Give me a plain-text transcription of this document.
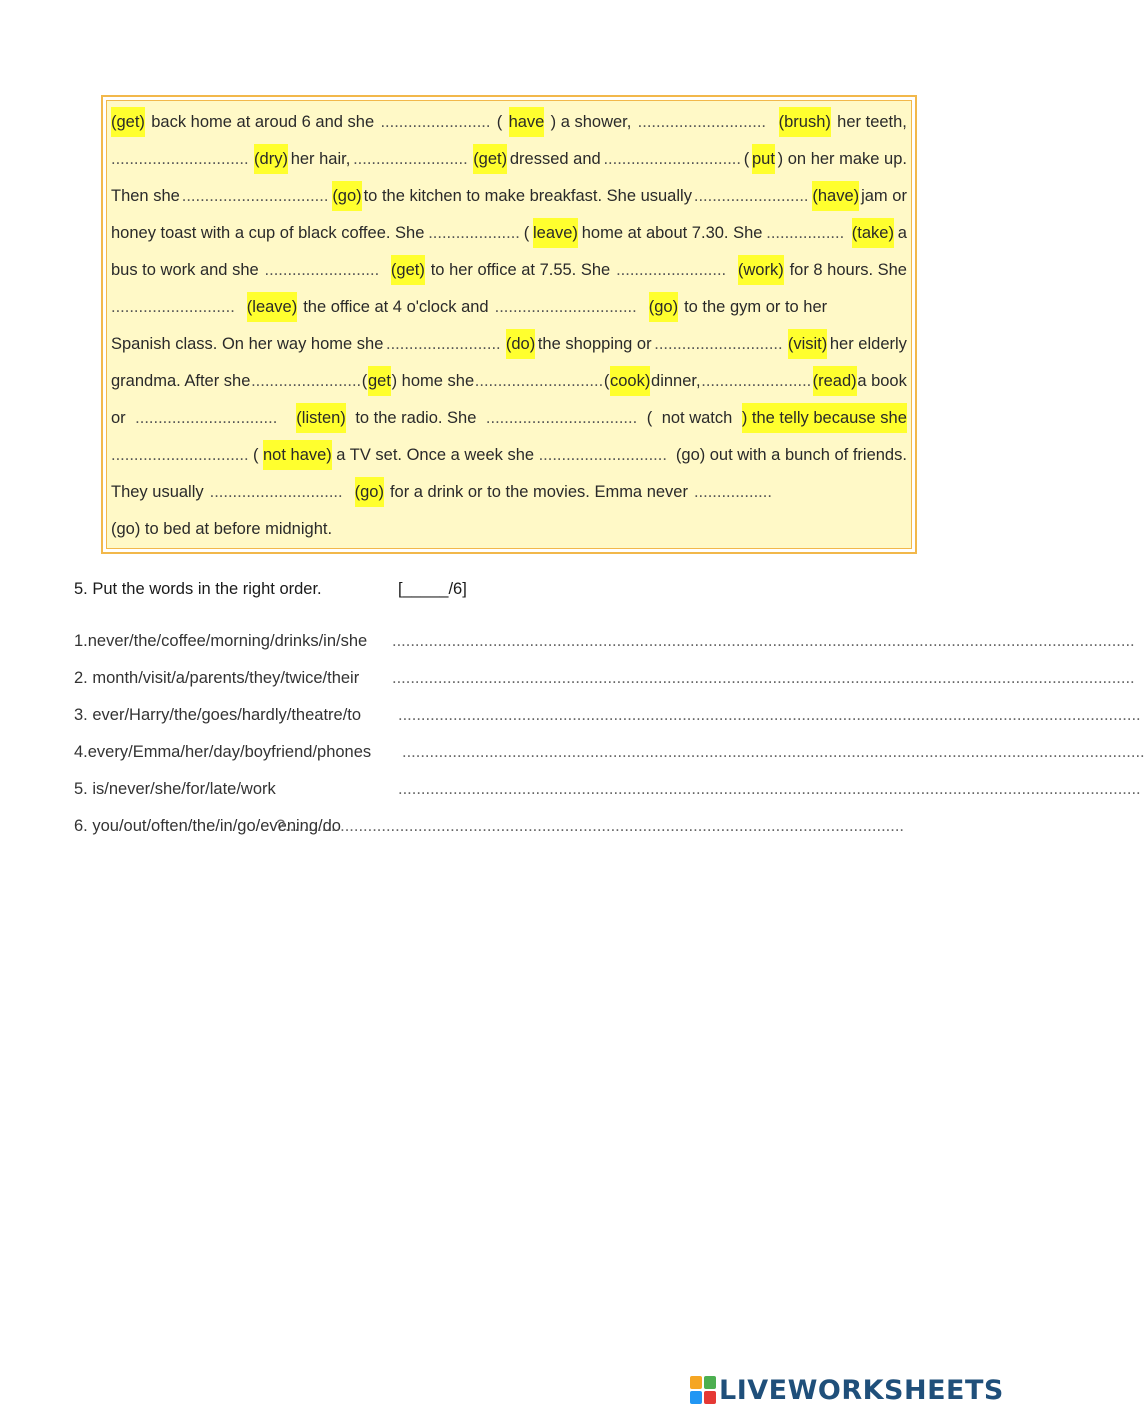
(get) back home at aroud 6 and she ........................ ( have ) a shower, ............................ (brush) her teeth,
.............................. (dry) her hair, ......................... (get) dressed and .............................. ( put ) on her make up.
Then she ................................ (go) to the kitchen to make breakfast. She usually ......................... (have) jam or
honey toast with a cup of black coffee. She .................... ( leave) home at about 7.30. She ................. (take) a
bus to work and she ......................... (get) to her office at 7.55. She ........................ (work) for 8 hours. She
........................... (leave) the office at 4 o'clock and ............................... (go) to the gym or to her
Spanish class. On her way home she ......................... (do) the shopping or ............................ (visit) her elderly
grandma. After she ........................ ( get ) home she ............................ ( cook) dinner, ........................ (read) a book
or ............................... (listen) to the radio. She ................................. ( not watch ) the telly because she
.............................. ( not have) a TV set. Once a week she ............................ (go) out with a bunch of friends.
They usually ............................. (go) for a drink or to the movies. Emma never .................
(go) to bed at before midnight.
5. Put the words in the right order.	[_____/6]
1.never/the/coffee/morning/drinks/in/she ..................................................................................................................................................................
2. month/visit/a/parents/they/twice/their ..................................................................................................................................................................
3. ever/Harry/the/goes/hardly/theatre/to ..................................................................................................................................................................
4.every/Emma/her/day/boyfriend/phones ..................................................................................................................................................................
5. is/never/she/for/late/work	..................................................................................................................................................................
6. you/out/often/the/in/go/evening/do
.......................................................................................................................................?
LIVEWORKSHEETS
